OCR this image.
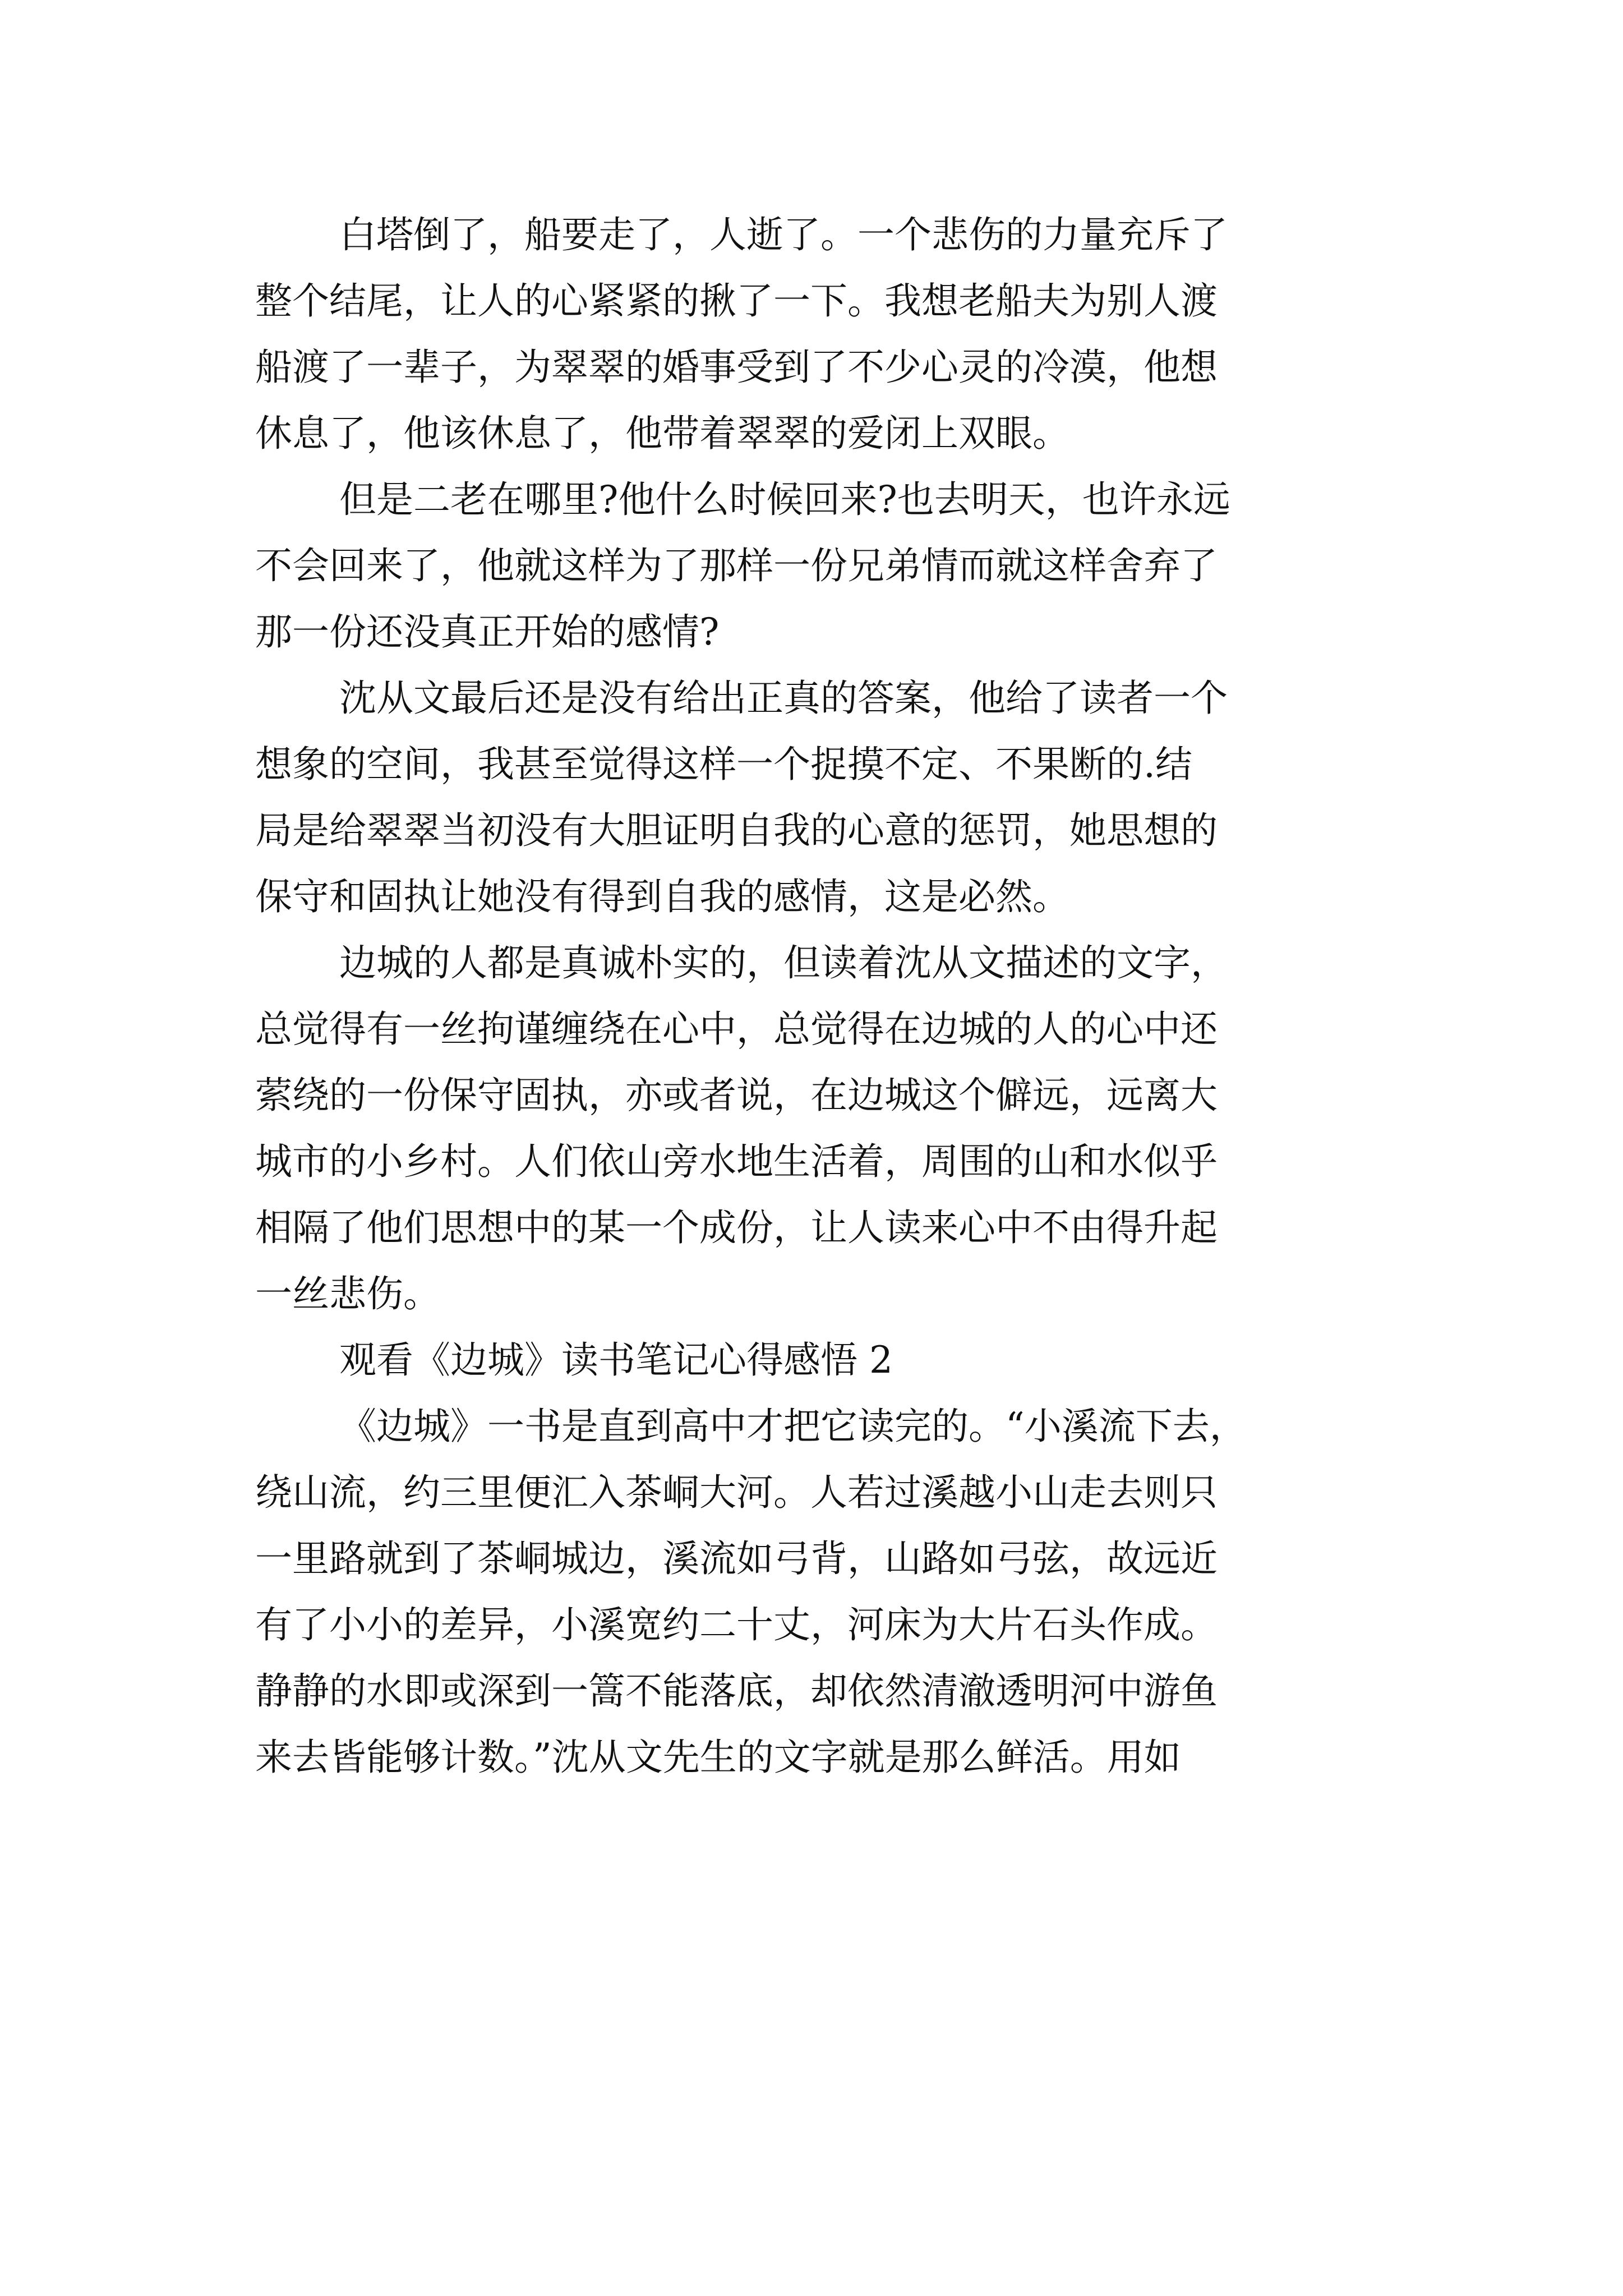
白塔倒了，船要走了，人逝了。一个悲伤的力量充斥了
整个结尾，让人的心紧紧的揪了一下。我想老船夫为别人渡
船渡了一辈子，为翠翠的婚事受到了不少心灵的冷漠，他想
休息了，他该休息了，他带着翠翠的爱闭上双眼。
但是二老在哪里?他什么时候回来?也去明天，也许永远
不会回来了，他就这样为了那样一份兄弟情而就这样舍弃了
那一份还没真正开始的感情?
沈从文最后还是没有给出正真的答案，他给了读者一个
想象的空间，我甚至觉得这样一个捉摸不定、不果断的.结
局是给翠翠当初没有大胆证明自我的心意的惩罚，她思想的
保守和固执让她没有得到自我的感情，这是必然。
边城的人都是真诚朴实的，但读着沈从文描述的文字，
总觉得有一丝拘谨缠绕在心中，总觉得在边城的人的心中还
萦绕的一份保守固执，亦或者说，在边城这个僻远，远离大
城市的小乡村。人们依山旁水地生活着，周围的山和水似乎
相隔了他们思想中的某一个成份，让人读来心中不由得升起
一丝悲伤。
观看《边城》读书笔记心得感悟 2
《边城》一书是直到高中才把它读完的。“小溪流下去，
绕山流，约三里便汇入茶峒大河。人若过溪越小山走去则只
一里路就到了茶峒城边，溪流如弓背，山路如弓弦，故远近
有了小小的差异，小溪宽约二十丈，河床为大片石头作成。
静静的水即或深到一篙不能落底，却依然清澈透明河中游鱼
来去皆能够计数。”沈从文先生的文字就是那么鲜活。用如
